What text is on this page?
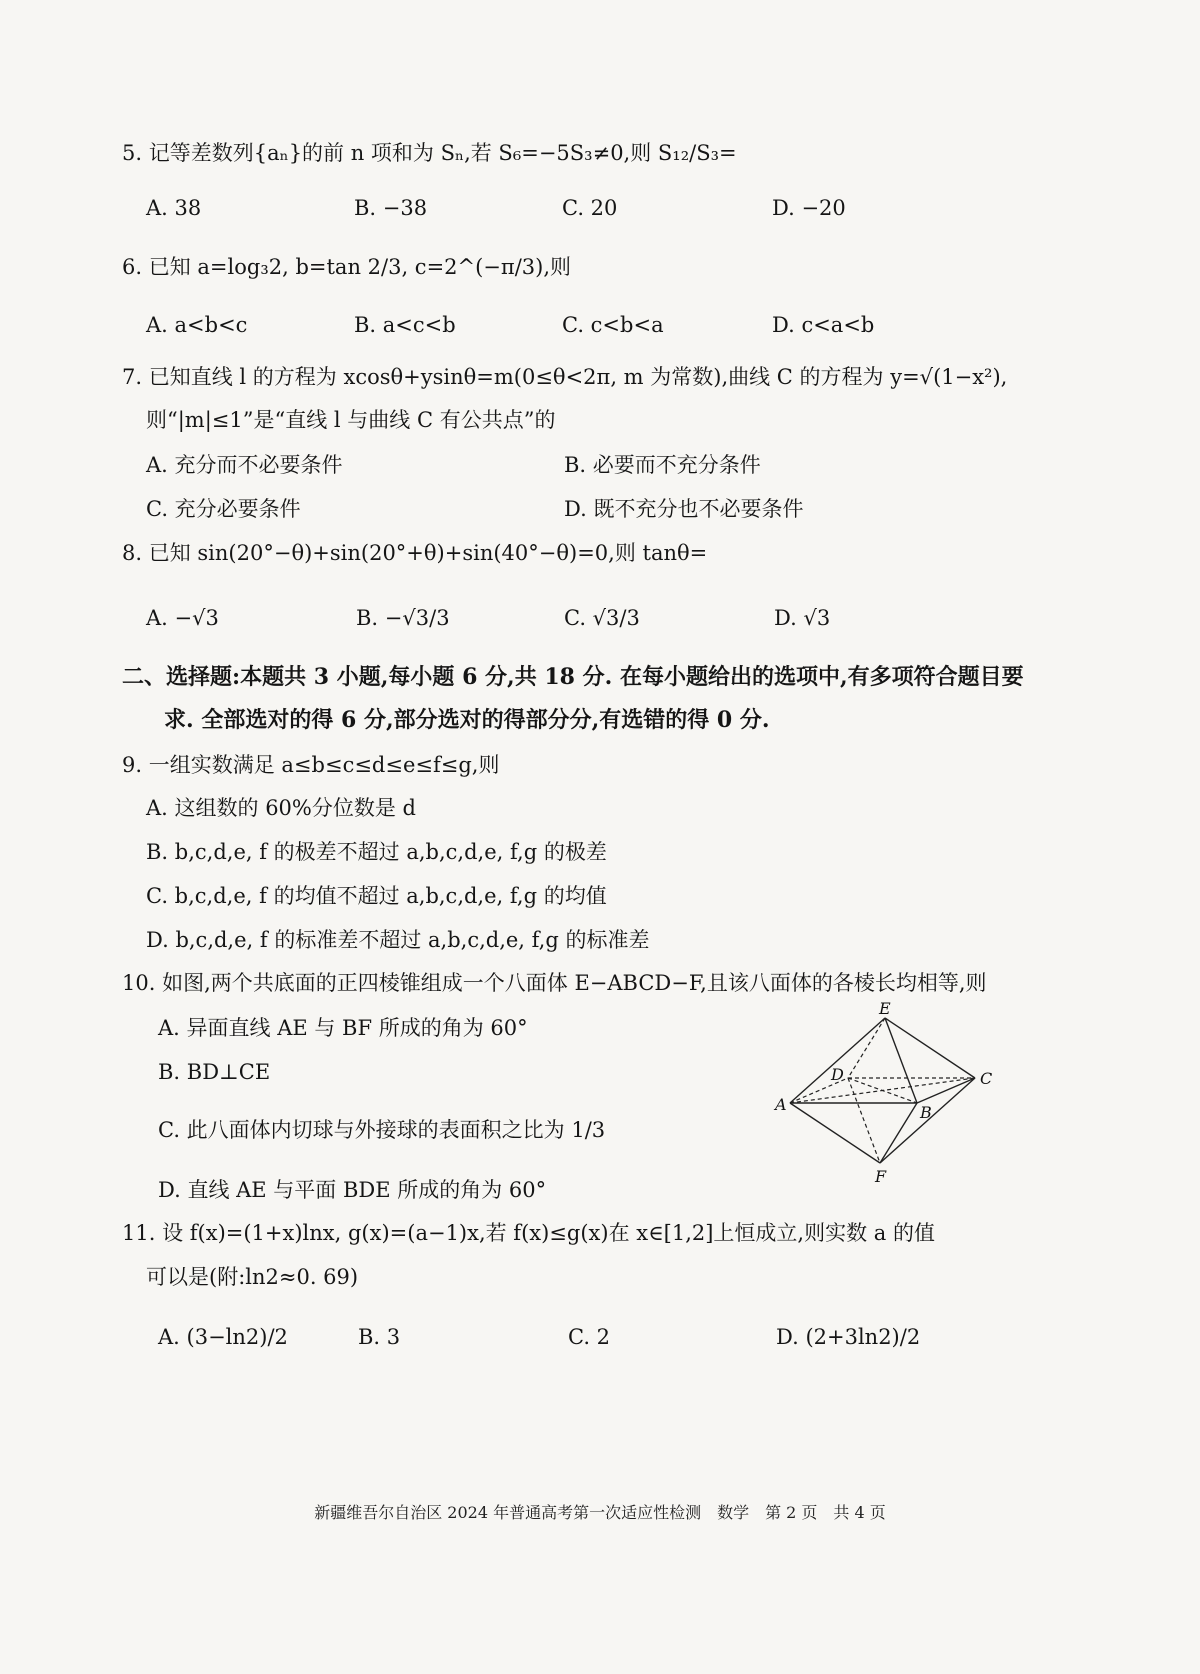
5. 记等差数列{aₙ}的前 n 项和为 Sₙ,若 S₆=−5S₃≠0,则 S₁₂/S₃=
A. 38	B. −38	C. 20	D. −20
6. 已知 a=log₃2, b=tan 2/3, c=2^(−π/3),则
A. a<b<c	B. a<c<b	C. c<b<a	D. c<a<b
7. 已知直线 l 的方程为 xcosθ+ysinθ=m(0≤θ<2π, m 为常数),曲线 C 的方程为 y=√(1−x²),
则“|m|≤1”是“直线 l 与曲线 C 有公共点”的
A. 充分而不必要条件	B. 必要而不充分条件
C. 充分必要条件	D. 既不充分也不必要条件
8. 已知 sin(20°−θ)+sin(20°+θ)+sin(40°−θ)=0,则 tanθ=
A. −√3	B. −√3/3	C. √3/3	D. √3
二、选择题:本题共 3 小题,每小题 6 分,共 18 分. 在每小题给出的选项中,有多项符合题目要
求. 全部选对的得 6 分,部分选对的得部分分,有选错的得 0 分.
9. 一组实数满足 a≤b≤c≤d≤e≤f≤g,则
A. 这组数的 60%分位数是 d
B. b,c,d,e, f 的极差不超过 a,b,c,d,e, f,g 的极差
C. b,c,d,e, f 的均值不超过 a,b,c,d,e, f,g 的均值
D. b,c,d,e, f 的标准差不超过 a,b,c,d,e, f,g 的标准差
10. 如图,两个共底面的正四棱锥组成一个八面体 E−ABCD−F,且该八面体的各棱长均相等,则
A. 异面直线 AE 与 BF 所成的角为 60°
B. BD⊥CE
C. 此八面体内切球与外接球的表面积之比为 1/3
D. 直线 AE 与平面 BDE 所成的角为 60°
E
D	C
A	B
F
11. 设 f(x)=(1+x)lnx, g(x)=(a−1)x,若 f(x)≤g(x)在 x∈[1,2]上恒成立,则实数 a 的值
可以是(附:ln2≈0. 69)
A. (3−ln2)/2	B. 3	C. 2	D. (2+3ln2)/2
新疆维吾尔自治区 2024 年普通高考第一次适应性检测　数学　第 2 页　共 4 页
